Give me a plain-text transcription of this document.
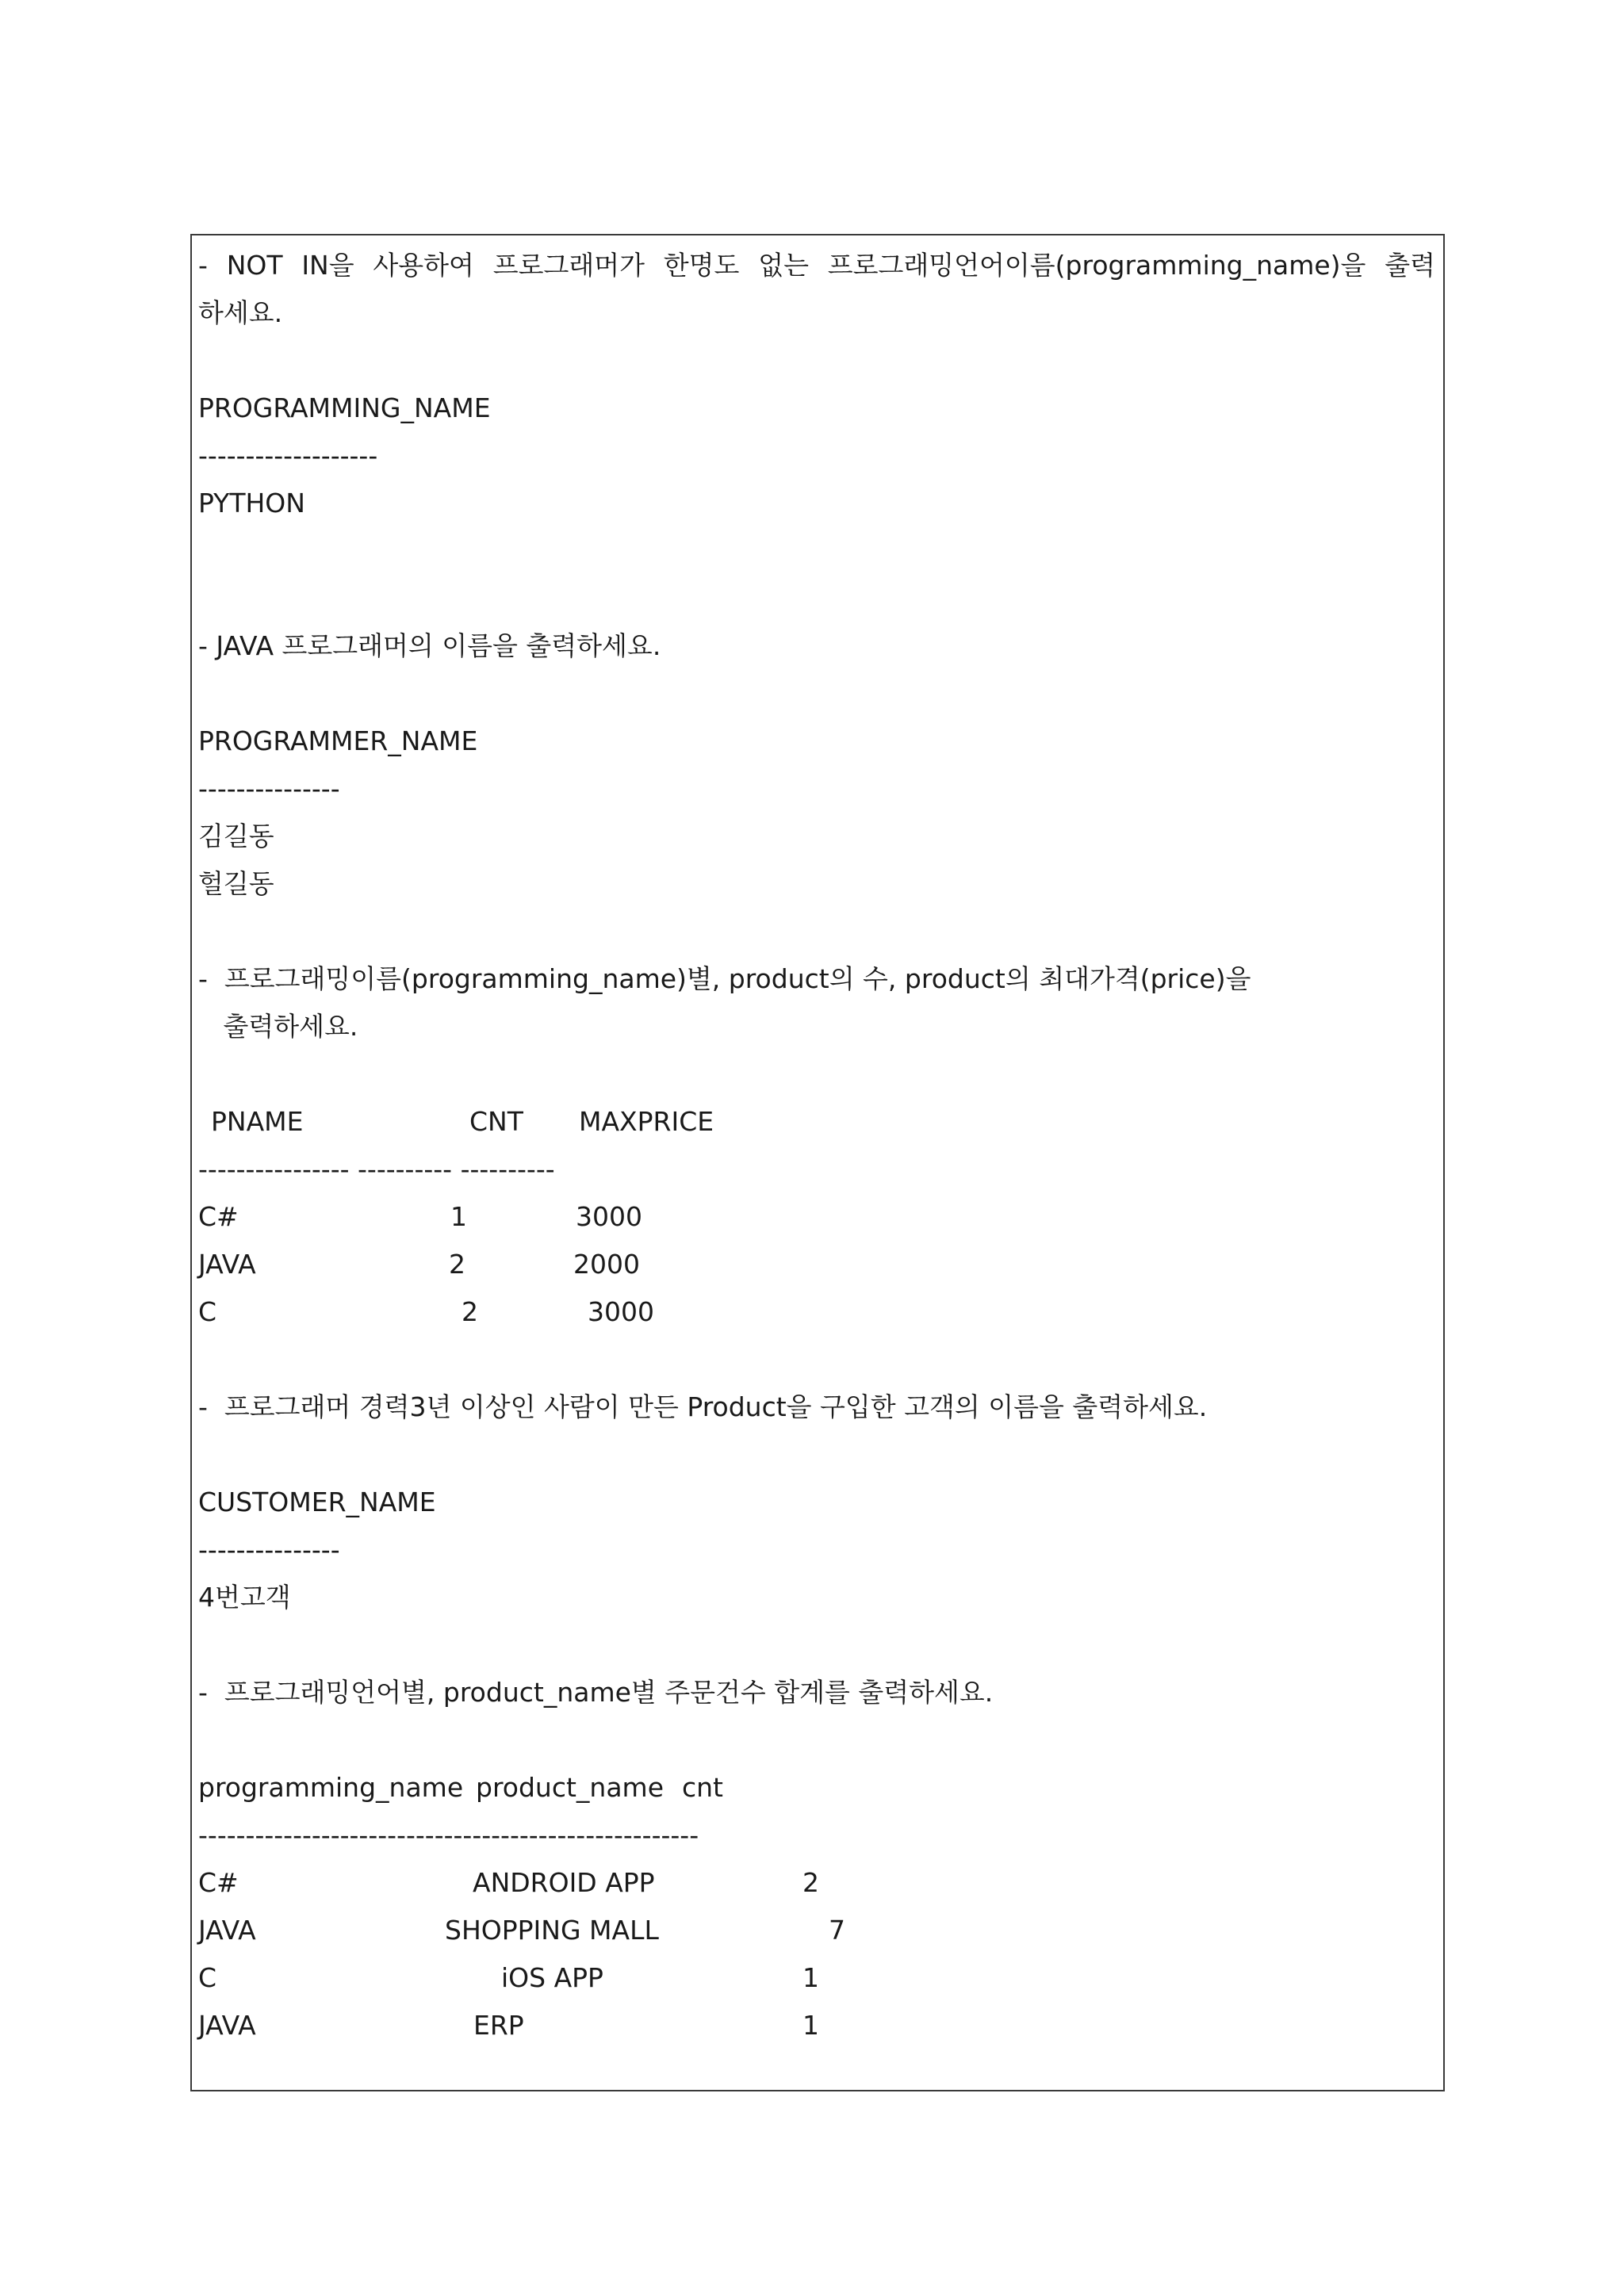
- NOT IN을 사용하여 프로그래머가 한명도 없는 프로그래밍언어이름(programming_name)을 출력
하세요.
PROGRAMMING_NAME
-------------------
PYTHON
- JAVA 프로그래머의 이름을 출력하세요.
PROGRAMMER_NAME
---------------
김길동
헐길동
-  프로그래밍이름(programming_name)별, product의 수, product의 최대가격(price)을
출력하세요.
PNAME	CNT MAXPRICE
---------------- ---------- ----------
C#	1	3000
JAVA	2	2000
C	2	3000
-  프로그래머 경력3년 이상인 사람이 만든 Product을 구입한 고객의 이름을 출력하세요.
CUSTOMER_NAME
---------------
4번고객
-  프로그래밍언어별, product_name별 주문건수 합계를 출력하세요.
programming_name product_name cnt
-----------------------------------------------------
C#	ANDROID APP	2
JAVA	SHOPPING MALL	7
C	iOS APP	1
JAVA	ERP	1
